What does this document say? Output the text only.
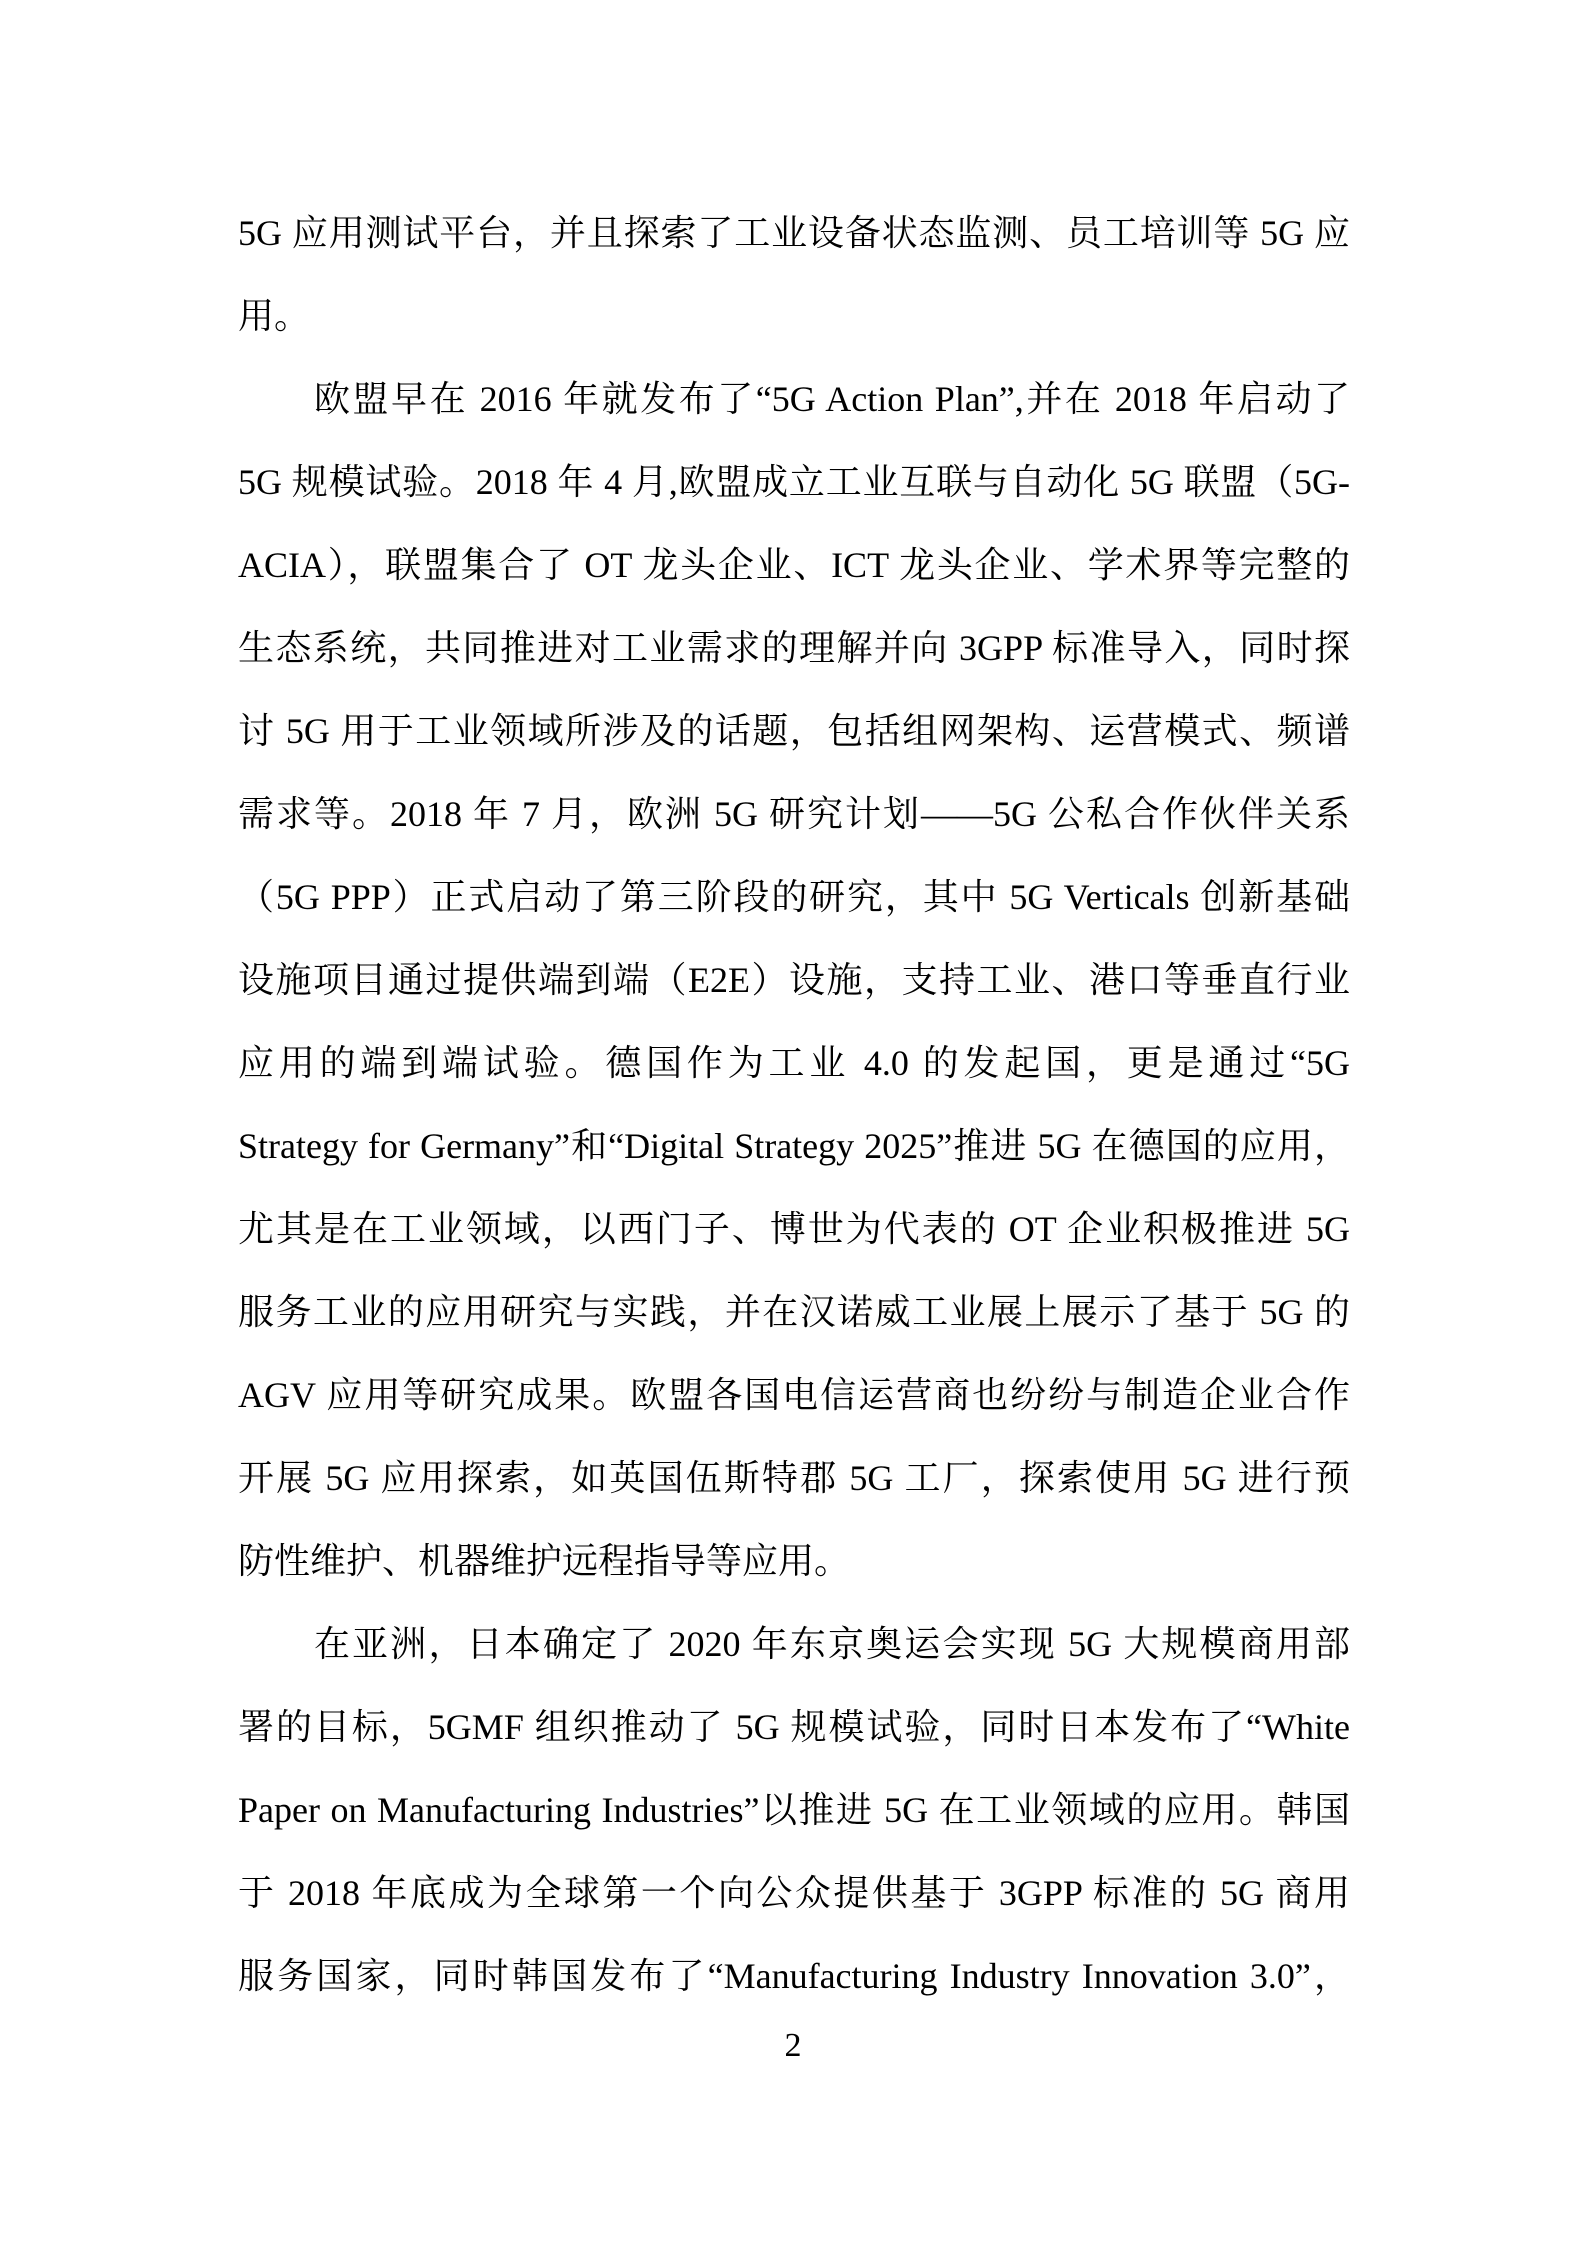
5G 应用测试平台，并且探索了工业设备状态监测、员工培训等 5G 应
用。
欧盟早在 2016 年就发布了“5G Action Plan”,并在 2018 年启动了
5G 规模试验。2018 年 4 月,欧盟成立工业互联与自动化 5G 联盟（5G-
ACIA），联盟集合了 OT 龙头企业、ICT 龙头企业、学术界等完整的
生态系统，共同推进对工业需求的理解并向 3GPP 标准导入，同时探
讨 5G 用于工业领域所涉及的话题，包括组网架构、运营模式、频谱
需求等。2018 年 7 月，欧洲 5G 研究计划——5G 公私合作伙伴关系
（5G PPP）正式启动了第三阶段的研究，其中 5G Verticals 创新基础
设施项目通过提供端到端（E2E）设施，支持工业、港口等垂直行业
应用的端到端试验。德国作为工业 4.0 的发起国，更是通过“5G
Strategy for Germany”和“Digital Strategy 2025”推进 5G 在德国的应用，
尤其是在工业领域，以西门子、博世为代表的 OT 企业积极推进 5G
服务工业的应用研究与实践，并在汉诺威工业展上展示了基于 5G 的
AGV 应用等研究成果。欧盟各国电信运营商也纷纷与制造企业合作
开展 5G 应用探索，如英国伍斯特郡 5G 工厂，探索使用 5G 进行预
防性维护、机器维护远程指导等应用。
在亚洲，日本确定了 2020 年东京奥运会实现 5G 大规模商用部
署的目标，5GMF 组织推动了 5G 规模试验，同时日本发布了“White
Paper on Manufacturing Industries”以推进 5G 在工业领域的应用。韩国
于 2018 年底成为全球第一个向公众提供基于 3GPP 标准的 5G 商用
服务国家，同时韩国发布了“Manufacturing Industry Innovation 3.0”，
2
